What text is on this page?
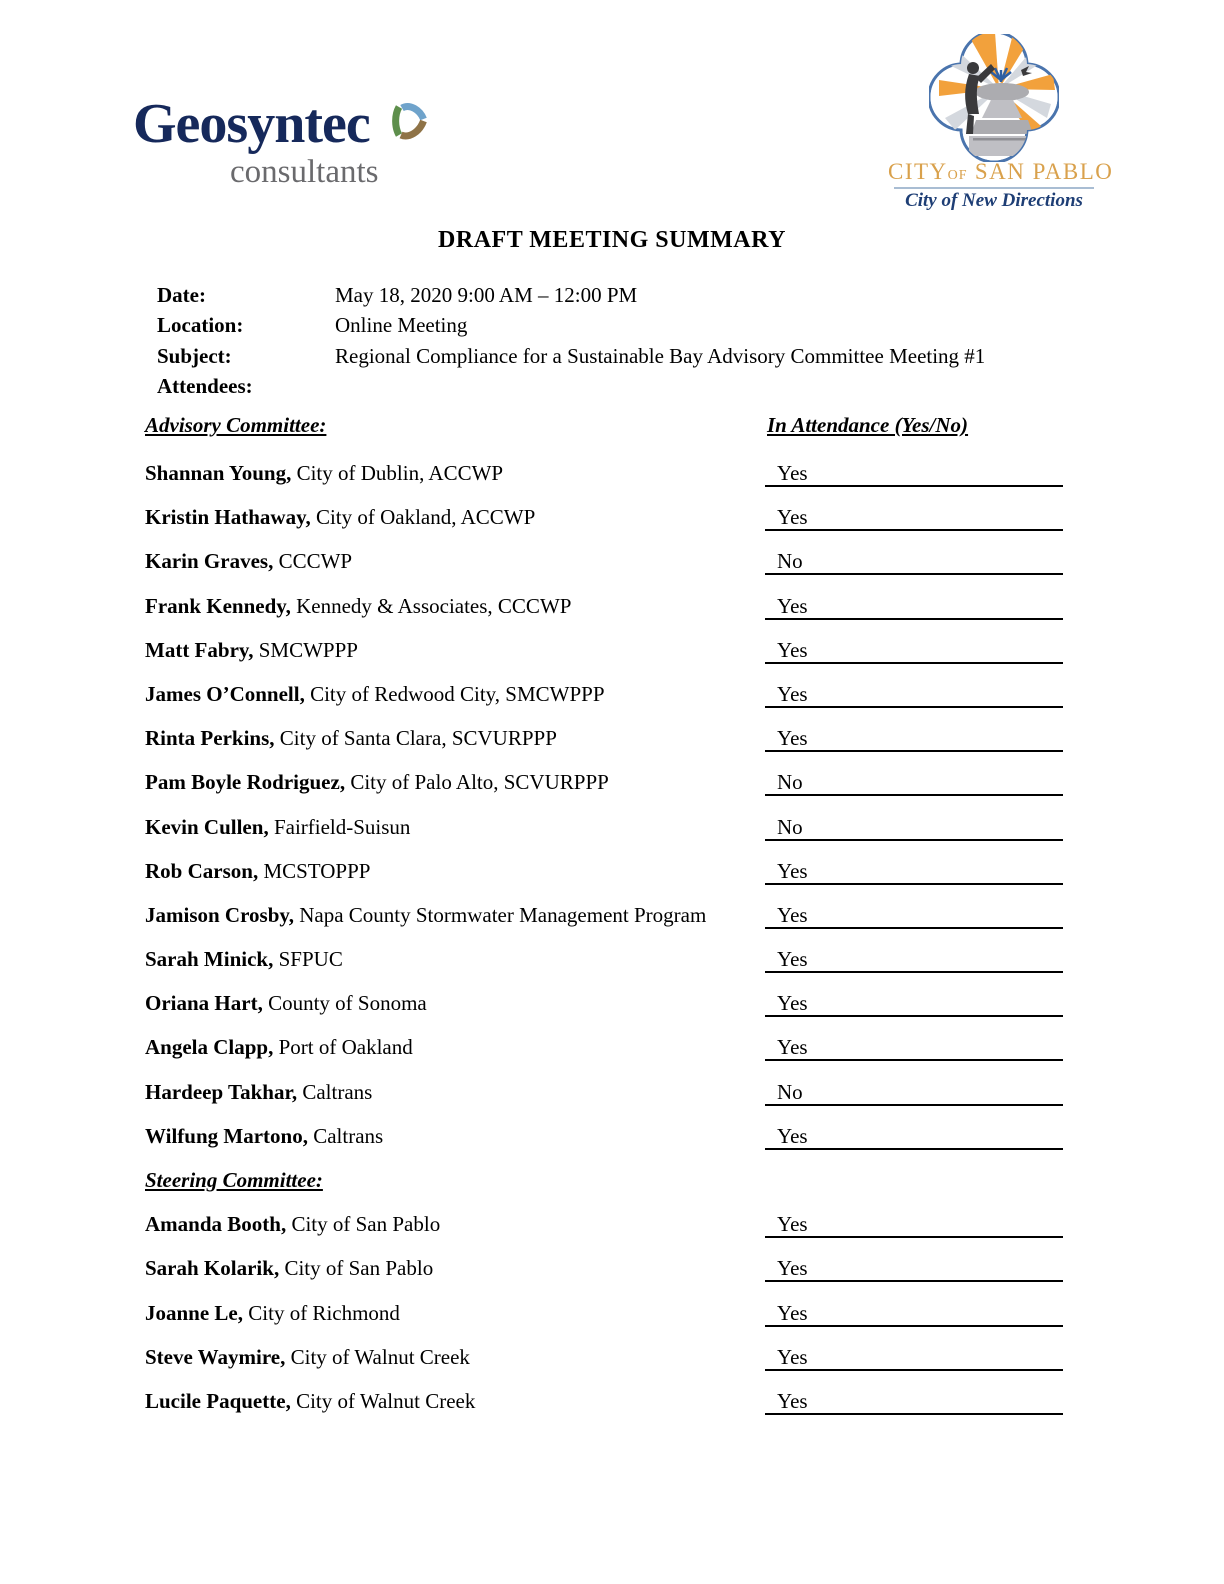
Geosyntec
consultants	CITYOF SAN PABLO
City of New Directions
DRAFT MEETING SUMMARY
Date:	May 18, 2020 9:00 AM – 12:00 PM
Location:	Online Meeting
Subject:	Regional Compliance for a Sustainable Bay Advisory Committee Meeting #1
Attendees:
Advisory Committee:	In Attendance (Yes/No)
Shannan Young, City of Dublin, ACCWP	Yes
Kristin Hathaway, City of Oakland, ACCWP	Yes
Karin Graves, CCCWP	No
Frank Kennedy, Kennedy & Associates, CCCWP	Yes
Matt Fabry, SMCWPPP	Yes
James O’Connell, City of Redwood City, SMCWPPP	Yes
Rinta Perkins, City of Santa Clara, SCVURPPP	Yes
Pam Boyle Rodriguez, City of Palo Alto, SCVURPPP	No
Kevin Cullen, Fairfield-Suisun	No
Rob Carson, MCSTOPPP	Yes
Jamison Crosby, Napa County Stormwater Management Program	Yes
Sarah Minick, SFPUC	Yes
Oriana Hart, County of Sonoma	Yes
Angela Clapp, Port of Oakland	Yes
Hardeep Takhar, Caltrans	No
Wilfung Martono, Caltrans	Yes
Steering Committee:
Amanda Booth, City of San Pablo	Yes
Sarah Kolarik, City of San Pablo	Yes
Joanne Le, City of Richmond	Yes
Steve Waymire, City of Walnut Creek	Yes
Lucile Paquette, City of Walnut Creek	Yes
